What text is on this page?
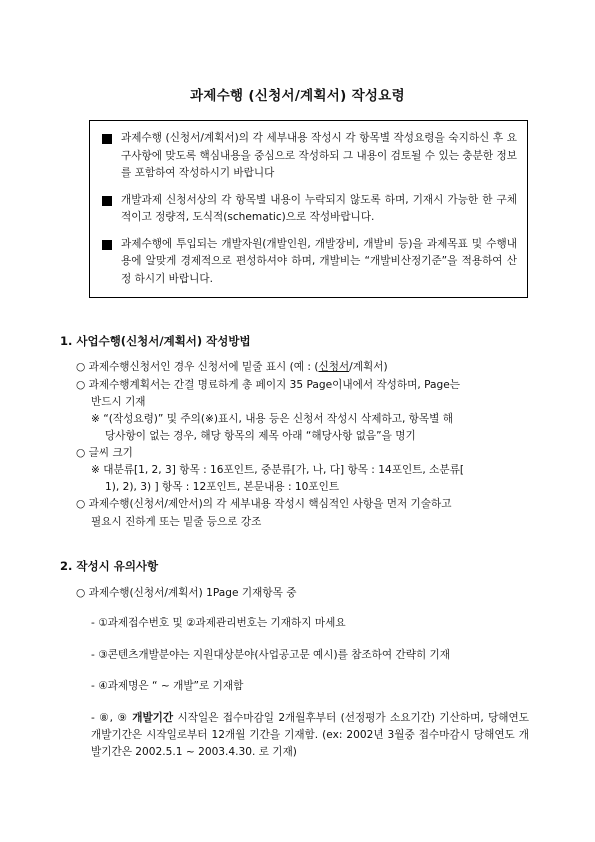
과제수행 (신청서/계획서) 작성요령
과제수행 (신청서/계획서)의 각 세부내용 작성시 각 항목별 작성요령을 숙지하신 후 요구사항에 맞도록 핵심내용을 중심으로 작성하되 그 내용이 검토될 수 있는 충분한 정보를 포함하여 작성하시기 바랍니다
개발과제 신청서상의 각 항목별 내용이 누락되지 않도록 하며, 기재시 가능한 한 구체적이고 정량적, 도식적(schematic)으로 작성바랍니다.
과제수행에 투입되는 개발자원(개발인원, 개발장비, 개발비 등)을 과제목표 및 수행내용에 알맞게 경제적으로 편성하셔야 하며, 개발비는 “개발비산정기준”을 적용하여 산정 하시기 바랍니다.
1. 사업수행(신청서/계획서) 작성방법
○ 과제수행신청서인 경우 신청서에 밑줄 표시 (예 : (신청서/계획서)
○ 과제수행계획서는 간결 명료하게 총 페이지 35 Page이내에서 작성하며, Page는
반드시 기재
※ “(작성요령)” 및 주의(※)표시, 내용 등은 신청서 작성시 삭제하고, 항목별 해
당사항이 없는 경우, 해당 항목의 제목 아래 “해당사항 없음”을 명기
○ 글씨 크기
※ 대분류[1, 2, 3] 항목 : 16포인트, 중분류[가, 나, 다] 항목 : 14포인트, 소분류[
1), 2), 3) ] 항목 : 12포인트, 본문내용 : 10포인트
○ 과제수행(신청서/제안서)의 각 세부내용 작성시 핵심적인 사항을 먼저 기술하고
필요시 진하게 또는 밑줄 등으로 강조
2. 작성시 유의사항
○ 과제수행(신청서/계획서) 1Page 기재항목 중
- ①과제접수번호 및 ②과제관리번호는 기재하지 마세요
- ③콘텐츠개발분야는 지원대상분야(사업공고문 예시)를 참조하여 간략히 기재
- ④과제명은 “ ~ 개발”로 기재함
- ⑧, ⑨ 개발기간 시작일은 접수마감일 2개월후부터 (선정평가 소요기간) 기산하며, 당해연도 개발기간은 시작일로부터 12개월 기간을 기재함. (ex: 2002년 3월중 접수마감시 당해연도 개발기간은 2002.5.1 ~ 2003.4.30. 로 기재)
